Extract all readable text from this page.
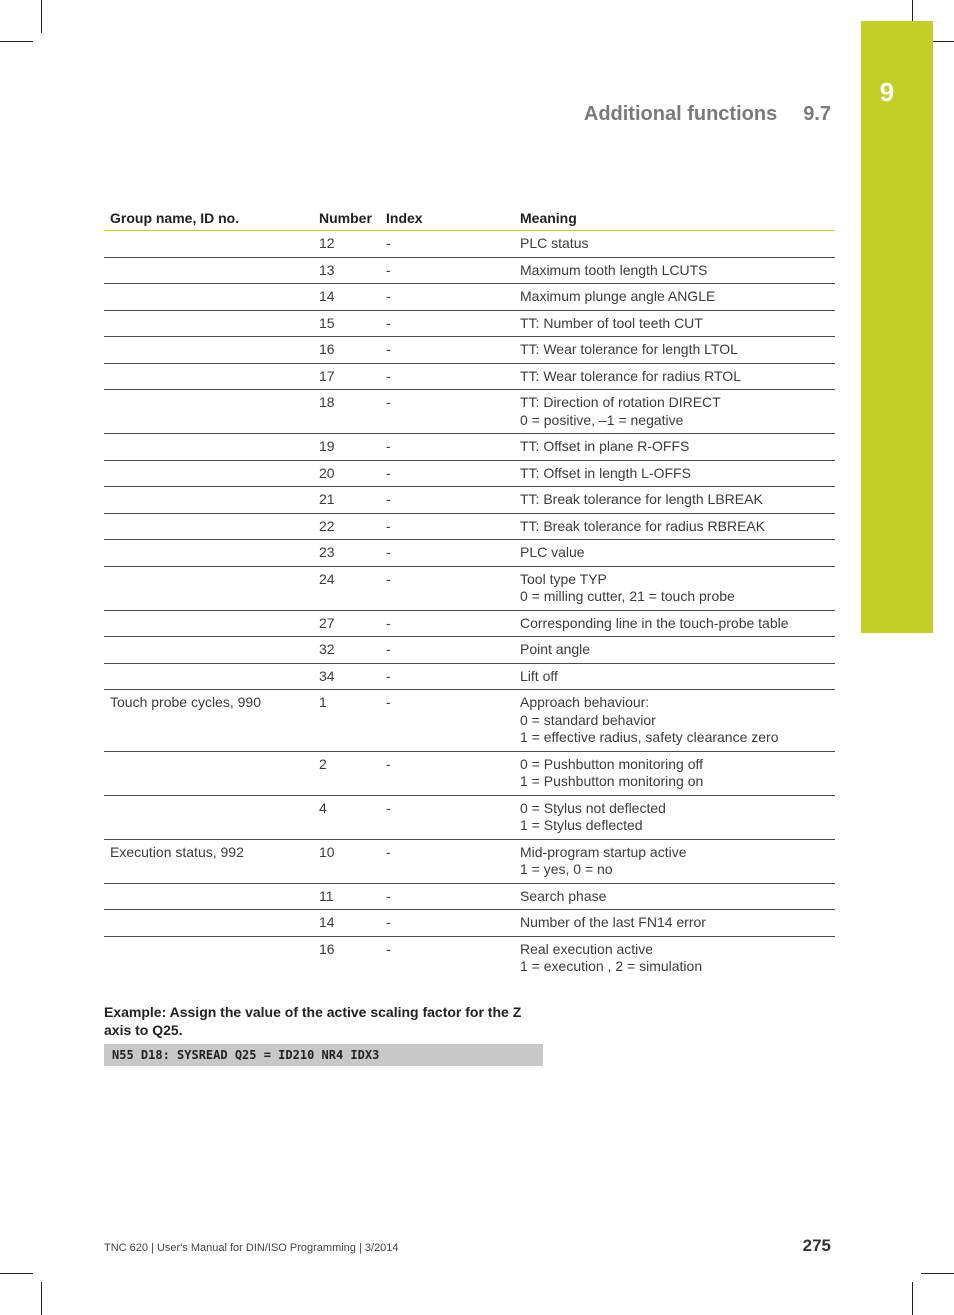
9
Additional functions 9.7
Group name, ID no.	Number	Index	Meaning
	12	-	PLC status

	13	-	Maximum tooth length LCUTS

	14	-	Maximum plunge angle ANGLE

	15	-	TT: Number of tool teeth CUT

	16	-	TT: Wear tolerance for length LTOL

	17	-	TT: Wear tolerance for radius RTOL

	18	-	TT: Direction of rotation DIRECT
0 = positive, –1 = negative

	19	-	TT: Offset in plane R-OFFS

	20	-	TT: Offset in length L-OFFS

	21	-	TT: Break tolerance for length LBREAK

	22	-	TT: Break tolerance for radius RBREAK

	23	-	PLC value

	24	-	Tool type TYP
0 = milling cutter, 21 = touch probe

	27	-	Corresponding line in the touch-probe table

	32	-	Point angle

	34	-	Lift off

Touch probe cycles, 990	1	-	Approach behaviour:
0 = standard behavior
1 = effective radius, safety clearance zero

	2	-	0 = Pushbutton monitoring off
1 = Pushbutton monitoring on

	4	-	0 = Stylus not deflected
1 = Stylus deflected

Execution status, 992	10	-	Mid-program startup active
1 = yes, 0 = no

	11	-	Search phase

	14	-	Number of the last FN14 error

	16	-	Real execution active
1 = execution , 2 = simulation
Example: Assign the value of the active scaling factor for the Z axis to Q25.
N55 D18: SYSREAD Q25 = ID210 NR4 IDX3
TNC 620 | User's Manual for DIN/ISO Programming | 3/2014	275
